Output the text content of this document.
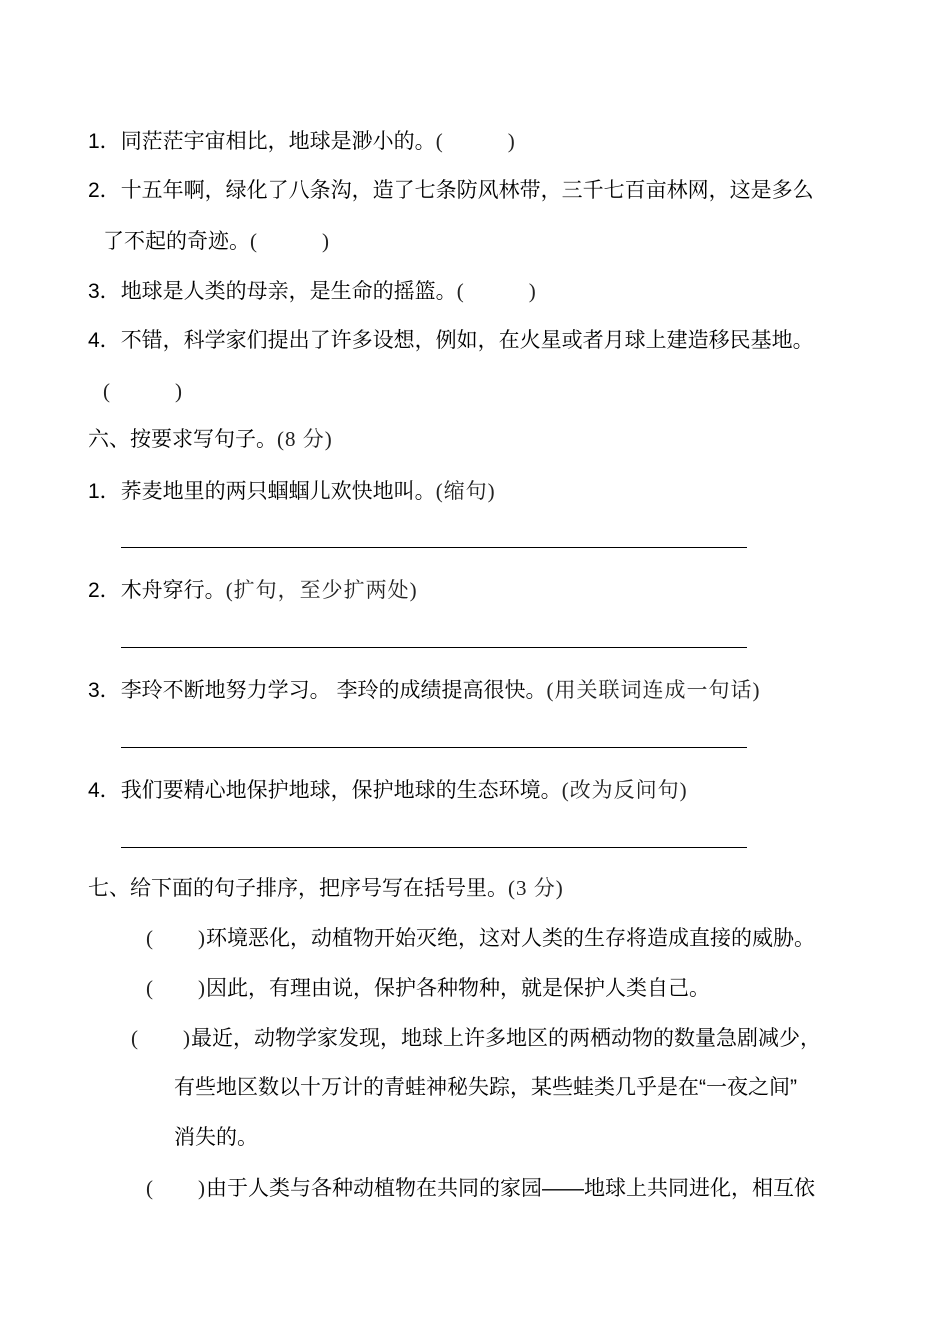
1．同茫茫宇宙相比，地球是渺小的。(	)
2．十五年啊，绿化了八条沟，造了七条防风林带，三千七百亩林网，这是多么
了不起的奇迹。(	)
3．地球是人类的母亲，是生命的摇篮。(	)
4．不错，科学家们提出了许多设想，例如，在火星或者月球上建造移民基地。
(	)
六、按要求写句子。(8 分)
1．荞麦地里的两只蝈蝈儿欢快地叫。(缩句)
2．木舟穿行。(扩句，至少扩两处)
3．李玲不断地努力学习。 李玲的成绩提高很快。(用关联词连成一句话)
4．我们要精心地保护地球，保护地球的生态环境。(改为反问句)
七、给下面的句子排序，把序号写在括号里。(3 分)
( )环境恶化，动植物开始灭绝，这对人类的生存将造成直接的威胁。
( )因此，有理由说，保护各种物种，就是保护人类自己。
( )最近，动物学家发现，地球上许多地区的两栖动物的数量急剧减少，
有些地区数以十万计的青蛙神秘失踪，某些蛙类几乎是在“一夜之间”
消失的。
( )由于人类与各种动植物在共同的家园——地球上共同进化，相互依
